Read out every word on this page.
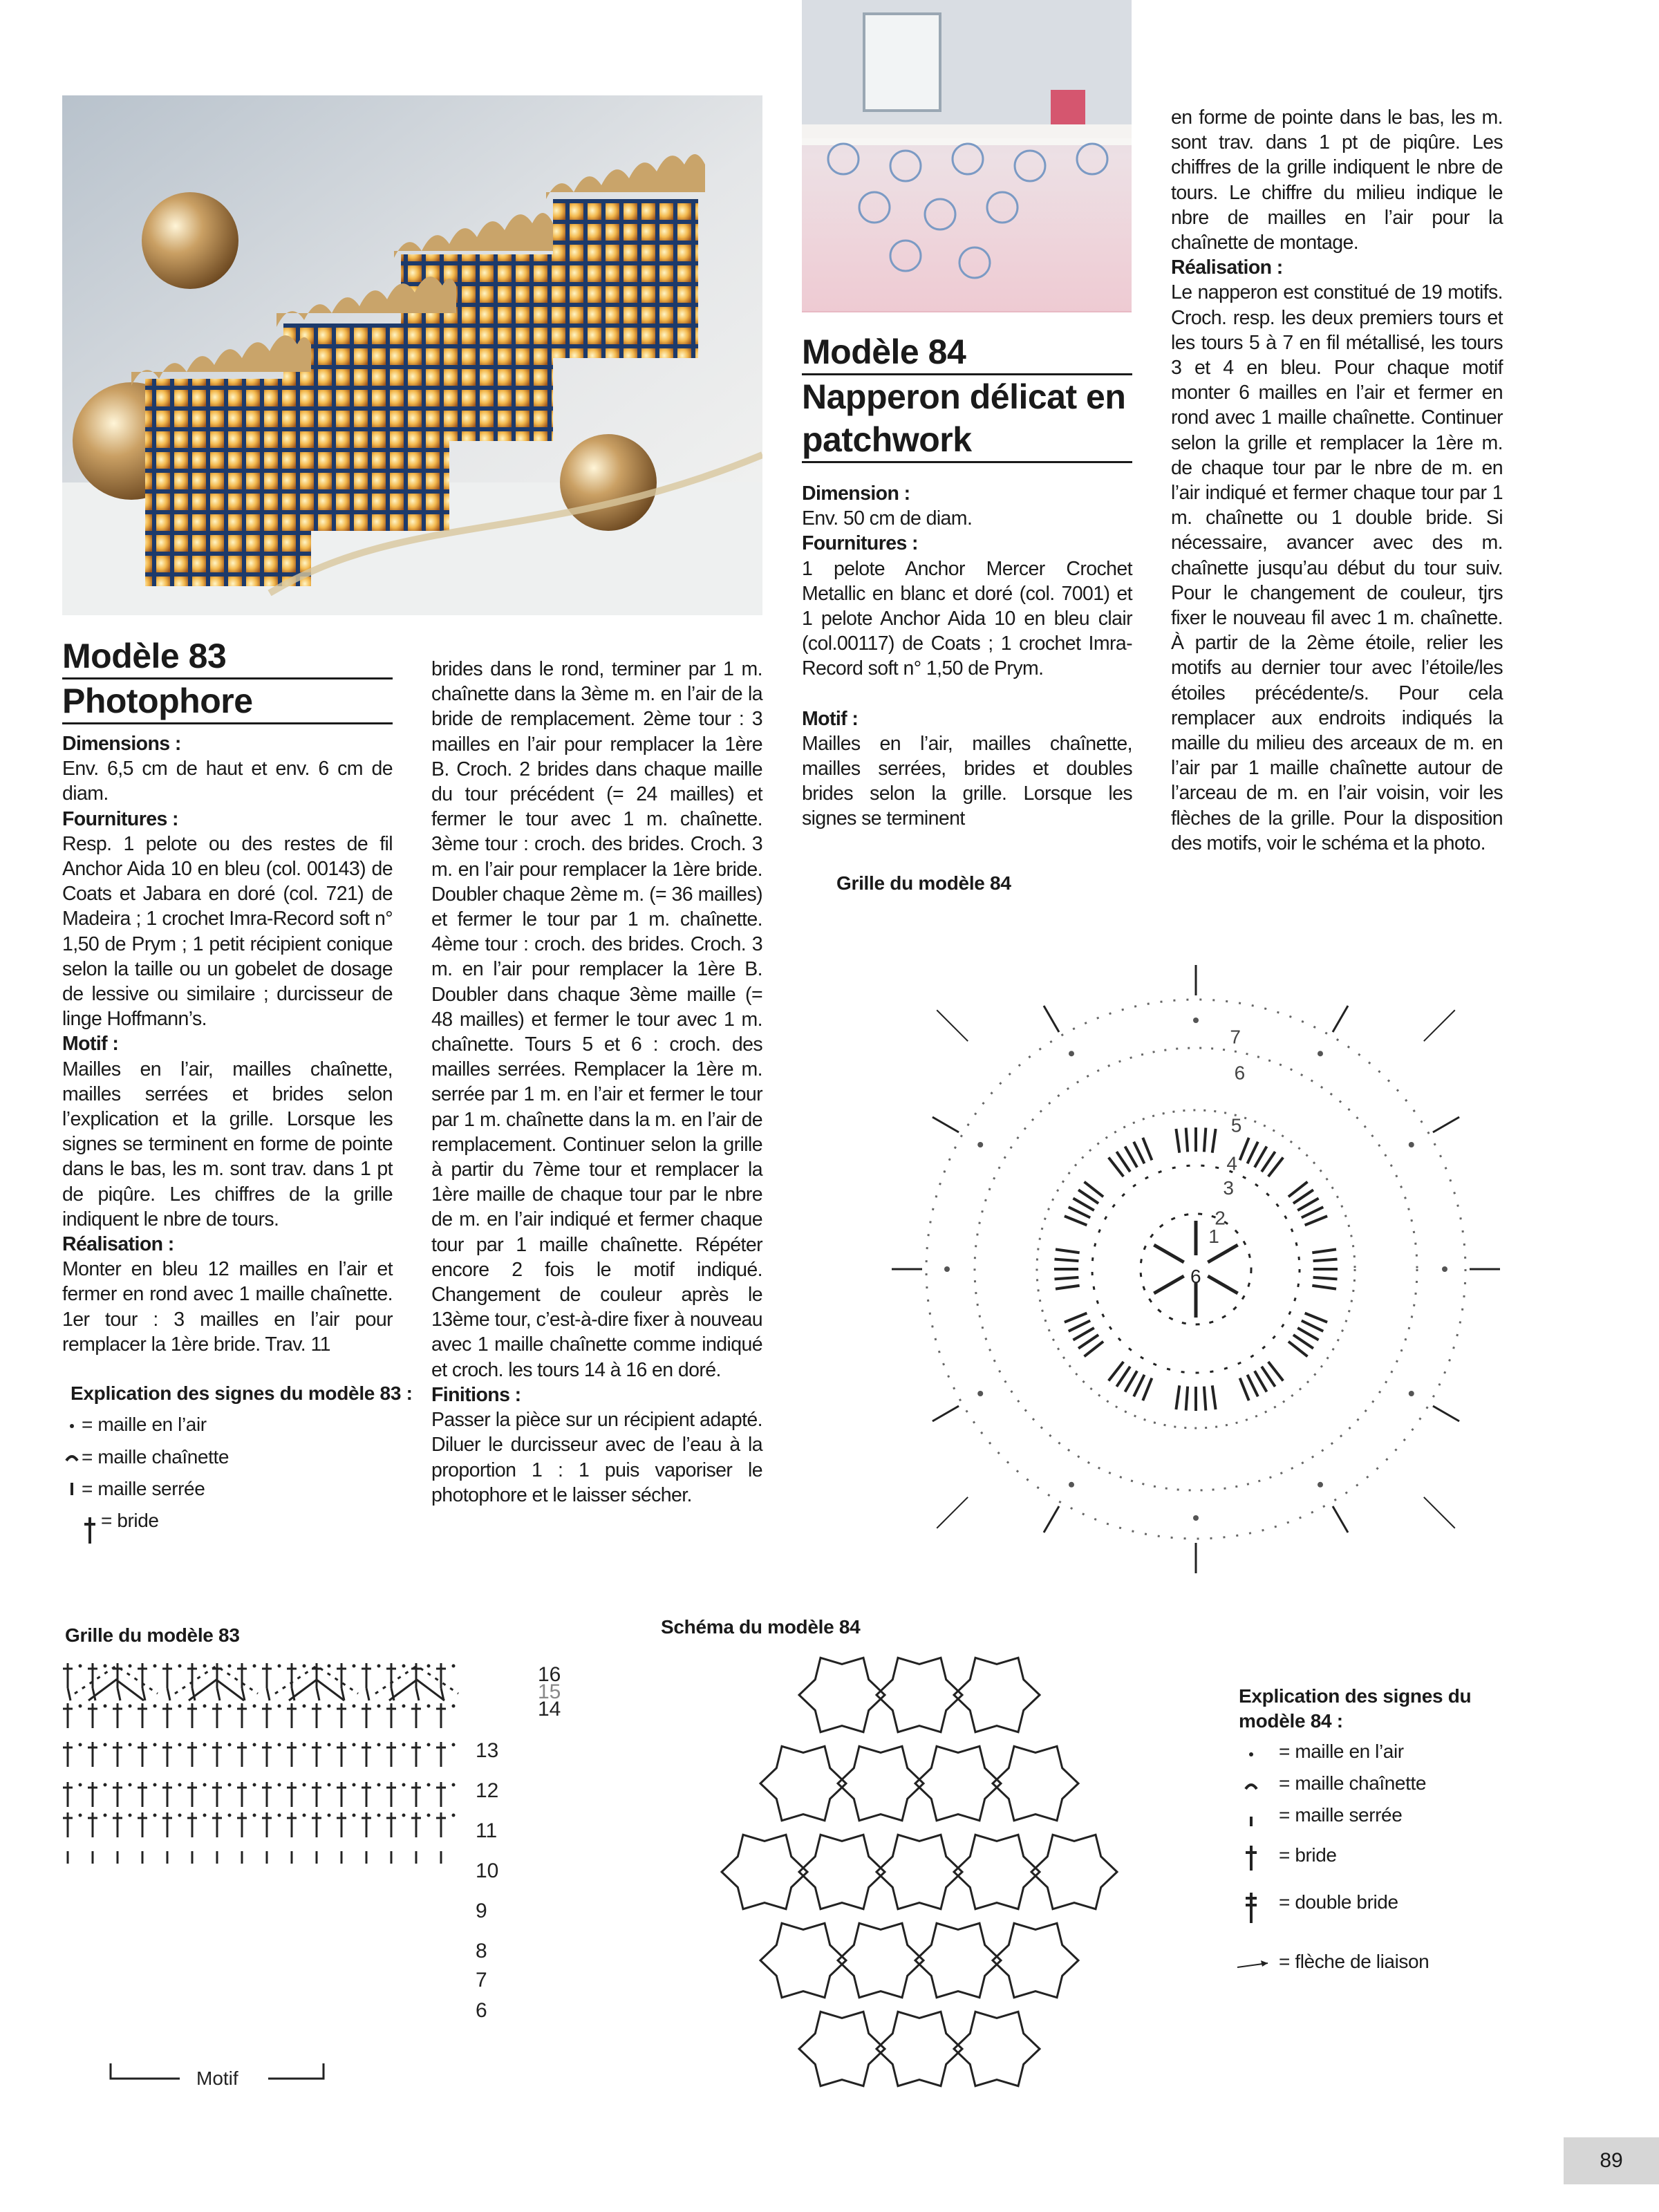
Modèle 83
Photophore

Dimensions :
Env. 6,5 cm de haut et env. 6 cm de diam.

Fournitures :
Resp. 1 pelote ou des restes de fil Anchor Aida 10 en bleu (col. 00143) de Coats et Jabara en doré (col. 721) de Madeira ; 1 crochet Imra-Record soft n° 1,50 de Prym ; 1 petit récipient conique selon la taille ou un gobelet de dosage de lessive ou similaire ; durcisseur de linge Hoffmann’s.

Motif :
Mailles en l’air, mailles chaînette, mailles serrées et brides selon l’explication et la grille. Lorsque les signes se terminent en forme de pointe dans le bas, les m. sont trav. dans 1 pt de piqûre. Les chiffres de la grille indiquent le nbre de tours.

Réalisation :
Monter en bleu 12 mailles en l’air et fermer en rond avec 1 maille chaînette. 1er tour : 3 mailles en l’air pour remplacer la 1ère bride. Trav. 11

brides dans le rond, terminer par 1 m. chaînette dans la 3ème m. en l’air de la bride de remplacement. 2ème tour : 3 mailles en l’air pour remplacer la 1ère B. Croch. 2 brides dans chaque maille du tour précédent (= 24 mailles) et fermer le tour avec 1 m. chaînette. 3ème tour : croch. des brides. Croch. 3 m. en l’air pour remplacer la 1ère bride. Doubler chaque 2ème m. (= 36 mailles) et fermer le tour par 1 m. chaînette. 4ème tour : croch. des brides. Croch. 3 m. en l’air pour remplacer la 1ère B. Doubler dans chaque 3ème maille (= 48 mailles) et fermer le tour avec 1 m. chaînette. Tours 5 et 6 : croch. des mailles serrées. Remplacer la 1ère m. serrée par 1 m. en l’air et fermer le tour par 1 m. chaînette dans la m. en l’air de remplacement. Continuer selon la grille à partir du 7ème tour et remplacer la 1ère maille de chaque tour par le nbre de m. en l’air indiqué et fermer chaque tour par 1 maille chaînette. Répéter encore 2 fois le motif indiqué. Changement de couleur après le 13ème tour, c’est-à-dire fixer à nouveau avec 1 maille chaînette comme indiqué et croch. les tours 14 à 16 en doré.

Finitions :
Passer la pièce sur un récipient adapté. Diluer le durcisseur avec de l’eau à la proportion 1 : 1 puis vaporiser le photophore et le laisser sécher.

Explication des signes du modèle 83 :
= maille en l’air
= maille chaînette
= maille serrée
= bride
Modèle 84
Napperon délicat en
patchwork

Dimension :
Env. 50 cm de diam.

Fournitures :
1 pelote Anchor Mercer Crochet Metallic en blanc et doré (col. 7001) et 1 pelote Anchor Aida 10 en bleu clair (col.00117) de Coats ; 1 crochet Imra-Record soft n° 1,50 de Prym.

Motif :
Mailles en l’air, mailles chaînette, mailles serrées, brides et doubles brides selon la grille. Lorsque les signes se terminent

en forme de pointe dans le bas, les m. sont trav. dans 1 pt de piqûre. Les chiffres de la grille indiquent le nbre de tours. Le chiffre du milieu indique le nbre de mailles en l’air pour la chaînette de montage.

Réalisation :
Le napperon est constitué de 19 motifs. Croch. resp. les deux premiers tours et les tours 5 à 7 en fil métallisé, les tours 3 et 4 en bleu. Pour chaque motif monter 6 mailles en l’air et fermer en rond avec 1 maille chaînette. Continuer selon la grille et remplacer la 1ère m. de chaque tour par le nbre de m. en l’air indiqué et fermer chaque tour par 1 m. chaînette ou 1 double bride. Si nécessaire, avancer avec des m. chaînette jusqu’au début du tour suiv. Pour le changement de couleur, tjrs fixer le nouveau fil avec 1 m. chaînette. À partir de la 2ème étoile, relier les motifs au dernier tour avec l’étoile/les étoiles précédente/s. Pour cela remplacer aux endroits indiqués la maille du milieu des arceaux de m. en l’air par 1 maille chaînette autour de l’arceau de m. en l’air voisin, voir les flèches de la grille. Pour la disposition des motifs, voir le schéma et la photo.

Grille du modèle 84
1
2
3
4
5
6
7
6
Grille du modèle 83
16
15
14
13
12
11
10
9
8
7
6
Motif
Schéma du modèle 84
Explication des signes du
modèle 84 :
= maille en l’air
= maille chaînette
= maille serrée
= bride
= double bride
= flèche de liaison
89
